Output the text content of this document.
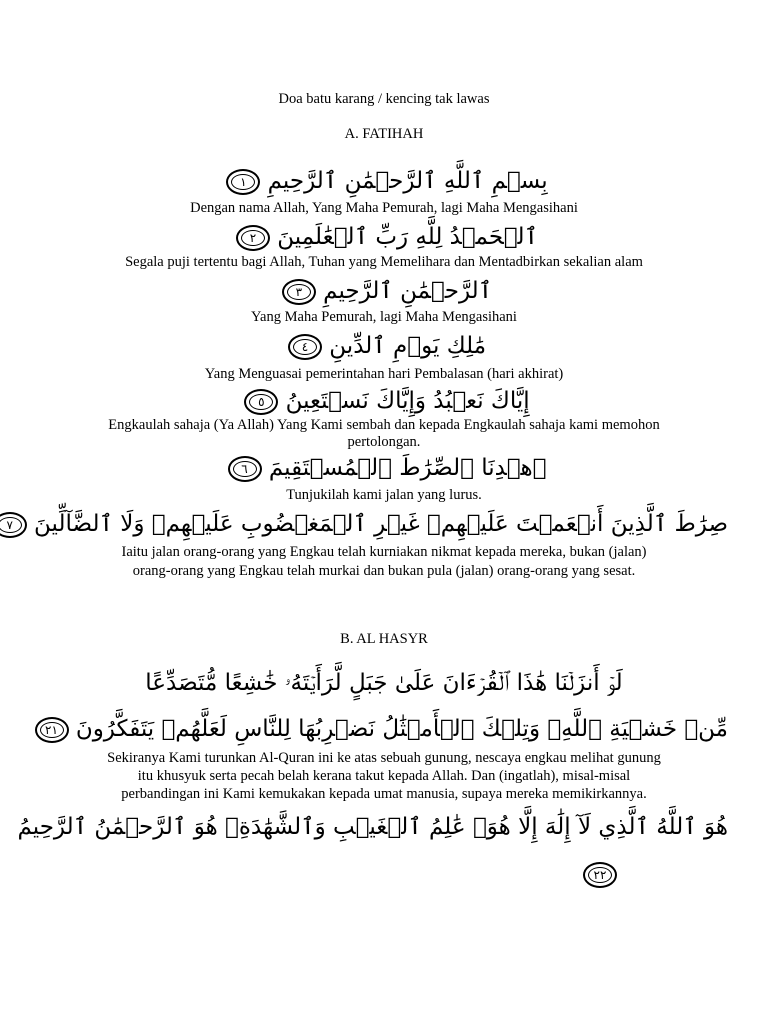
Doa batu karang / kencing tak lawas
A. FATIHAH
بِسۡمِ ٱللَّهِ ٱلرَّحۡمَٰنِ ٱلرَّحِيمِ ١
Dengan nama Allah, Yang Maha Pemurah, lagi Maha Mengasihani
ٱلۡحَمۡدُ لِلَّهِ رَبِّ ٱلۡعَٰلَمِينَ ٢
Segala puji tertentu bagi Allah, Tuhan yang Memelihara dan Mentadbirkan sekalian alam
ٱلرَّحۡمَٰنِ ٱلرَّحِيمِ ٣
Yang Maha Pemurah, lagi Maha Mengasihani
مَٰلِكِ يَوۡمِ ٱلدِّينِ ٤
Yang Menguasai pemerintahan hari Pembalasan (hari akhirat)
إِيَّاكَ نَعۡبُدُ وَإِيَّاكَ نَسۡتَعِينُ ٥
Engkaulah sahaja (Ya Allah) Yang Kami sembah dan kepada Engkaulah sahaja kami memohon
pertolongan.
ٱهۡدِنَا ٱلصِّرَٰطَ ٱلۡمُسۡتَقِيمَ ٦
Tunjukilah kami jalan yang lurus.
صِرَٰطَ ٱلَّذِينَ أَنۡعَمۡتَ عَلَيۡهِمۡ غَيۡرِ ٱلۡمَغۡضُوبِ عَلَيۡهِمۡ وَلَا ٱلضَّآلِّينَ ٧
Iaitu jalan orang-orang yang Engkau telah kurniakan nikmat kepada mereka, bukan (jalan)
orang-orang yang Engkau telah murkai dan bukan pula (jalan) orang-orang yang sesat.
B. AL HASYR
لَوۡ أَنزَلۡنَا هَٰذَا ٱلۡقُرۡءَانَ عَلَىٰ جَبَلٍ لَّرَأَيۡتَهُۥ خَٰشِعًا مُّتَصَدِّعًا
مِّنۡ خَشۡيَةِ ٱللَّهِۚ وَتِلۡكَ ٱلۡأَمۡثَٰلُ نَضۡرِبُهَا لِلنَّاسِ لَعَلَّهُمۡ يَتَفَكَّرُونَ ٢١
Sekiranya Kami turunkan Al-Quran ini ke atas sebuah gunung, nescaya engkau melihat gunung
itu khusyuk serta pecah belah kerana takut kepada Allah. Dan (ingatlah), misal-misal
perbandingan ini Kami kemukakan kepada umat manusia, supaya mereka memikirkannya.
هُوَ ٱللَّهُ ٱلَّذِي لَآ إِلَٰهَ إِلَّا هُوَۖ عَٰلِمُ ٱلۡغَيۡبِ وَٱلشَّهَٰدَةِۖ هُوَ ٱلرَّحۡمَٰنُ ٱلرَّحِيمُ
٢٢
